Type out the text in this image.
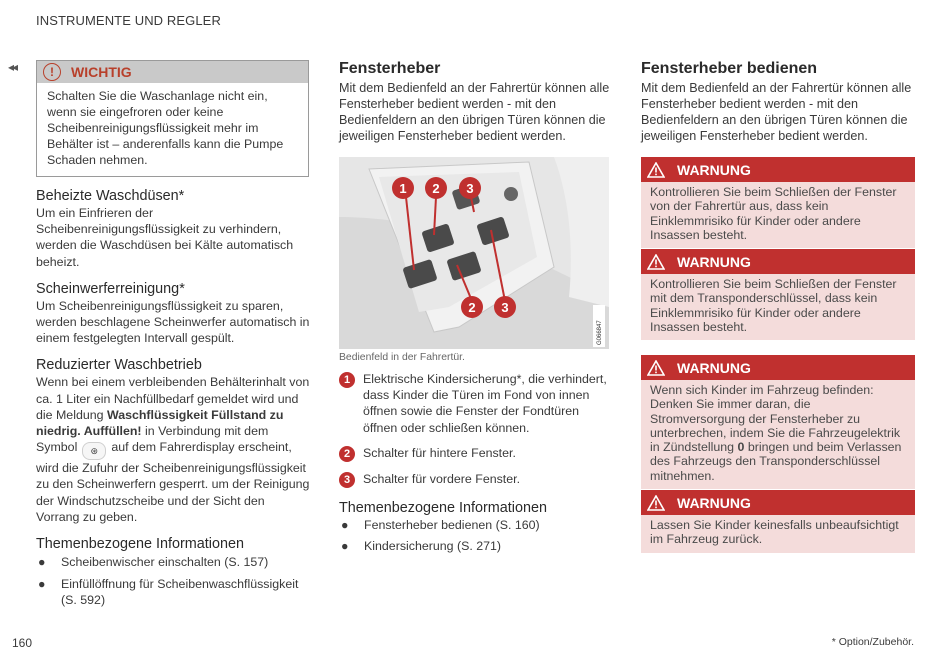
INSTRUMENTE UND REGLER
◂◂	!	WICHTIG
Schalten Sie die Waschanlage nicht ein, wenn sie eingefroren oder keine Scheibenreinigungsflüssigkeit mehr im Behälter ist – anderenfalls kann die Pumpe Schaden nehmen.
Beheizte Waschdüsen*
Um ein Einfrieren der Scheibenreinigungsflüssigkeit zu verhindern, werden die Waschdüsen bei Kälte automatisch beheizt.
Scheinwerferreinigung*
Um Scheibenreinigungsflüssigkeit zu sparen, werden beschlagene Scheinwerfer automatisch in einem festgelegten Intervall gespült.
Reduzierter Waschbetrieb
Wenn bei einem verbleibenden Behälterinhalt von ca. 1 Liter ein Nachfüllbedarf gemeldet wird und die Meldung Waschflüssigkeit Füllstand zu niedrig. Auffüllen! in Verbindung mit dem Symbol ⊛ auf dem Fahrerdisplay erscheint, wird die Zufuhr der Scheibenreinigungsflüssigkeit zu den Scheinwerfern gesperrt. um der Reinigung der Windschutzscheibe und der Sicht den Vorrang zu geben.
Themenbezogene Informationen
●	Scheibenwischer einschalten (S. 157)
●	Einfüllöffnung für Scheibenwaschflüssigkeit (S. 592)
Fensterheber
Mit dem Bedienfeld an der Fahrertür können alle Fensterheber bedient werden - mit den Bedienfeldern an den übrigen Türen können die jeweiligen Fensterheber bedient werden.
1 2 3
2 3
G066847
Bedienfeld in der Fahrertür.
1	Elektrische Kindersicherung*, die verhindert, dass Kinder die Türen im Fond von innen öffnen sowie die Fenster der Fondtüren öffnen oder schließen können.
2	Schalter für hintere Fenster.
3	Schalter für vordere Fenster.
Themenbezogene Informationen
●	Fensterheber bedienen (S. 160)
●	Kindersicherung (S. 271)
Fensterheber bedienen
Mit dem Bedienfeld an der Fahrertür können alle Fensterheber bedient werden - mit den Bedienfeldern an den übrigen Türen können die jeweiligen Fensterheber bedient werden.
WARNUNG
Kontrollieren Sie beim Schließen der Fenster von der Fahrertür aus, dass kein Einklemmrisiko für Kinder oder andere Insassen besteht.
WARNUNG
Kontrollieren Sie beim Schließen der Fenster mit dem Transponderschlüssel, dass kein Einklemmrisiko für Kinder oder andere Insassen besteht.
WARNUNG
Wenn sich Kinder im Fahrzeug befinden: Denken Sie immer daran, die Stromversorgung der Fensterheber zu unterbrechen, indem Sie die Fahrzeugelektrik in Zündstellung 0 bringen und beim Verlassen des Fahrzeugs den Transponderschlüssel mitnehmen.
WARNUNG
Lassen Sie Kinder keinesfalls unbeaufsichtigt im Fahrzeug zurück.
160	* Option/Zubehör.
